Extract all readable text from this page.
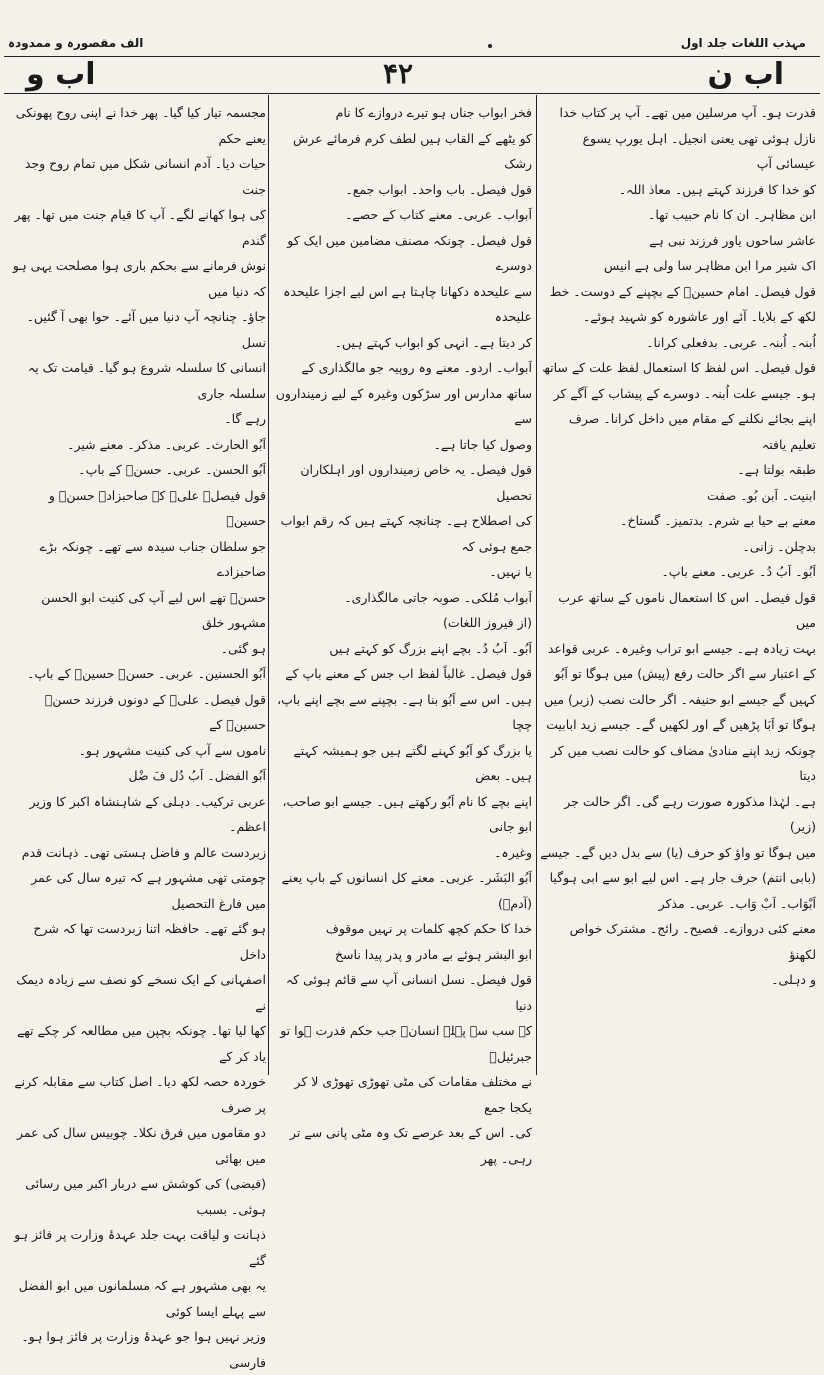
مہذب اللغات جلد اول
الف مقصورہ و ممدودہ
اب ن
۴۲
اب و

قدرت ہو۔ آپ مرسلین میں تھے۔ آپ پر کتاب خدا

نازل ہوئی تھی یعنی انجیل۔ اہل یورپ یسوع عیسائی آپ

کو خدا کا فرزند کہتے ہیں۔ معاذ اللہ۔

ابن مظاہر۔ ان کا نام حبیب تھا۔

عاشر ساحوں یاور فرزند نبی ہے

اک شیر مرا ابن مظاہر سا ولی ہے انیس

قول فیصل۔ امام حسینؑ کے بچپنے کے دوست۔ خط

لکھ کے بلایا۔ آئے اور عاشورہ کو شہید ہوئے۔

اُبنہ۔ اُبنہ۔ عربی۔ بدفعلی کرانا۔

قول فیصل۔ اس لفظ کا استعمال لفظ علت کے ساتھ

ہو۔ جیسے علت اُبنہ۔ دوسرے کے پیشاب کے آگے کر

اپنے بجائے نکلنے کے مقام میں داخل کرانا۔ صرف تعلیم یافتہ

طبقہ بولتا ہے۔

ابنیت۔ اَبن بُو۔ صفت

معنے بے حیا بے شرم۔ بدتمیز۔ گستاخ۔

بدچلن۔ زانی۔

اَبُو۔ اَبُ دُ۔ عربی۔ معنے باپ۔

قول فیصل۔ اس کا استعمال ناموں کے ساتھ عرب میں

بہت زیادہ ہے۔ جیسے ابو تراب وغیرہ۔ عربی قواعد

کے اعتبار سے اگر حالت رفع (پیش) میں ہوگا تو اَبُو

کہیں گے جیسے ابو حنیفہ۔ اگر حالت نصب (زبر) میں

ہوگا تو اَبَا پڑھیں گے اور لکھیں گے۔ جیسے زید ابابیت

چونکہ زید اپنے منادیٰ مضاف کو حالت نصب میں کر دیتا

ہے۔ لہٰذا مذکورہ صورت رہے گی۔ اگر حالت جر (زیر)

میں ہوگا تو واؤ کو حرف (یا) سے بدل دیں گے۔ جیسے

(بابی انتم) حرف جار ہے۔ اس لیے ابو سے ابی ہوگیا

اَبْوَاب۔ اَبْ وَاب۔ عربی۔ مذکر

معنے کئی دروازے۔ فصیح۔ رائج۔ مشترک خواص لکھنؤ

و دہلی۔

فخر ابواب جناں ہو تیرے دروازے کا نام

کو یٹھے کے القاب ہیں لطف کرم فرمائے عرش رشک

قول فیصل۔ باب واحد۔ ابواب جمع۔

اَبواب۔ عربی۔ معنے کتاب کے حصے۔

قول فیصل۔ چونکہ مصنف مضامین میں ایک کو دوسرے

سے علیحدہ دکھانا چاہتا ہے اس لیے اجزا علیحدہ علیحدہ

کر دیتا ہے۔ انہی کو ابواب کہتے ہیں۔

اَبواب۔ اردو۔ معنے وہ روپیہ جو مالگذاری کے

ساتھ مدارس اور سڑکوں وغیرہ کے لیے زمینداروں سے

وصول کیا جاتا ہے۔

قول فیصل۔ یہ خاص زمینداروں اور اہلکاران تحصیل

کی اصطلاح ہے۔ چنانچہ کہتے ہیں کہ رقم ابواب جمع ہوئی کہ

یا نہیں۔

اَبواب مُلکی۔ صوبہ جاتی مالگذاری۔

(از فیروز اللغات)

اَبُو۔ اَبُ دُ۔ بچے اپنے بزرگ کو کہتے ہیں

قول فیصل۔ غالباً لفظ اب جس کے معنے باپ کے

ہیں۔ اس سے اَبُو بنا ہے۔ بچپنے سے بچے اپنے باپ، چچا

یا بزرگ کو اَبُو کہنے لگتے ہیں جو ہمیشہ کہتے ہیں۔ بعض

اپنے بچے کا نام اَبُو رکھتے ہیں۔ جیسے ابو صاحب، ابو جانی

وغیرہ۔

اَبُو البَشَر۔ عربی۔ معنے کل انسانوں کے باپ یعنے

(آدمؑ)

خدا کا حکم کچھ کلمات پر نہیں موقوف

ابو البشر ہوئے بے مادر و پدر پیدا ناسخ

قول فیصل۔ نسل انسانی آپ سے قائم ہوئی کہ دنیا

کے سب سے پہلے انسان۔ جب حکم قدرت ہوا تو جبرئیلؑ

نے مختلف مقامات کی مٹی تھوڑی تھوڑی لا کر یکجا جمع

کی۔ اس کے بعد عرصے تک وہ مٹی پانی سے تر رہی۔ پھر

مجسمہ تیار کیا گیا۔ پھر خدا نے اپنی روح پھونکی یعنے حکم

حیات دیا۔ آدم انسانی شکل میں تمام روح وجد جنت

کی ہوا کھانے لگے۔ آپ کا قیام جنت میں تھا۔ پھر گندم

نوش فرمانے سے بحکم باری ہوا مصلحت یہی ہو کہ دنیا میں

جاؤ۔ چنانچہ آپ دنیا میں آئے۔ حوا بھی آ گئیں۔ نسل

انسانی کا سلسلہ شروع ہو گیا۔ قیامت تک یہ سلسلہ جاری

رہے گا۔

اَبُو الحارث۔ عربی۔ مذکر۔ معنے شیر۔

اَبُو الحسن۔ عربی۔ حسنؑ کے باپ۔

قول فیصل۔ علیؑ کے صاحبزادے حسنؑ و حسینؑ

جو سلطان جناب سیدہ سے تھے۔ چونکہ بڑے صاحبزادے

حسنؑ تھے اس لیے آپ کی کنیت ابو الحسن مشہور خلق

ہو گئی۔

اَبُو الحسنین۔ عربی۔ حسنؑ حسینؑ کے باپ۔

قول فیصل۔ علیؑ کے دونوں فرزند حسنؑ حسینؑ کے

ناموں سے آپ کی کنیت مشہور ہو۔

اَبُو الفضل۔ اَبُ دُل فَ ضْل

عربی ترکیب۔ دہلی کے شاہنشاہ اکبر کا وزیر اعظم۔

زبردست عالم و فاضل ہستی تھی۔ ذہانت قدم

چومتی تھی مشہور ہے کہ تیرہ سال کی عمر میں فارغ التحصیل

ہو گئے تھے۔ حافظہ اتنا زبردست تھا کہ شرح داخل

اصفہانی کے ایک نسخے کو نصف سے زیادہ دیمک نے

کھا لیا تھا۔ چونکہ بچپن میں مطالعہ کر چکے تھے یاد کر کے

خوردہ حصہ لکھ دیا۔ اصل کتاب سے مقابلہ کرنے پر صرف

دو مقاموں میں فرق نکلا۔ چوبیس سال کی عمر میں بھائی

(فیضی) کی کوشش سے دربار اکبر میں رسائی ہوئی۔ بسبب

ذہانت و لیاقت بہت جلد عہدۂ وزارت پر فائز ہو گئے

یہ بھی مشہور ہے کہ مسلمانوں میں ابو الفضل سے پہلے ایسا کوئی

وزیر نہیں ہوا جو عہدۂ وزارت پر فائز ہوا ہو۔ فارسی
